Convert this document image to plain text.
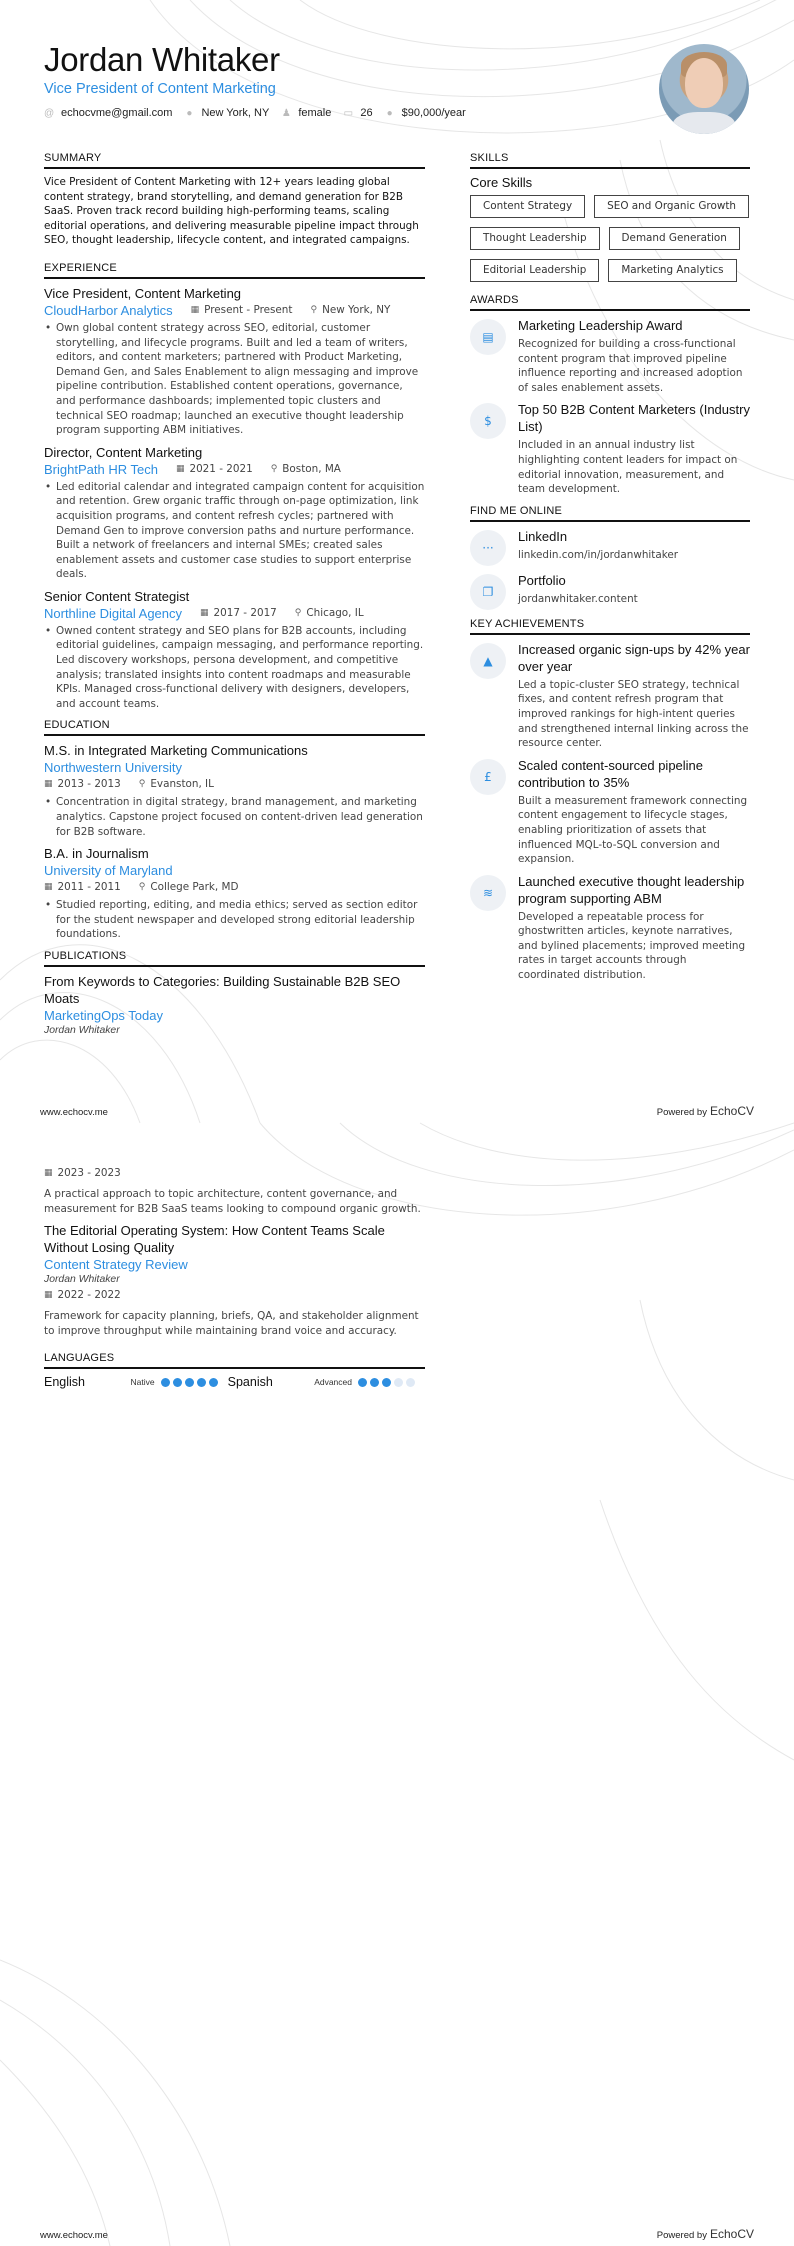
Jordan Whitaker
Vice President of Content Marketing
@ echocvme@gmail.com ● New York, NY ♟ female ▭ 26 ● $90,000/year
SUMMARY
Vice President of Content Marketing with 12+ years leading global content strategy, brand storytelling, and demand generation for B2B SaaS. Proven track record building high-performing teams, scaling editorial operations, and delivering measurable pipeline impact through SEO, thought leadership, lifecycle content, and integrated campaigns.
EXPERIENCE
Vice President, Content Marketing
CloudHarbor Analytics ▦ Present - Present ⚲ New York, NY
• Own global content strategy across SEO, editorial, customer storytelling, and lifecycle programs. Built and led a team of writers, editors, and content marketers; partnered with Product Marketing, Demand Gen, and Sales Enablement to align messaging and improve pipeline contribution. Established content operations, governance, and performance dashboards; implemented topic clusters and technical SEO roadmap; launched an executive thought leadership program supporting ABM initiatives.
Director, Content Marketing
BrightPath HR Tech ▦ 2021 - 2021 ⚲ Boston, MA
• Led editorial calendar and integrated campaign content for acquisition and retention. Grew organic traffic through on-page optimization, link acquisition programs, and content refresh cycles; partnered with Demand Gen to improve conversion paths and nurture performance. Built a network of freelancers and internal SMEs; created sales enablement assets and customer case studies to support enterprise deals.
Senior Content Strategist
Northline Digital Agency ▦ 2017 - 2017 ⚲ Chicago, IL
• Owned content strategy and SEO plans for B2B accounts, including editorial guidelines, campaign messaging, and performance reporting. Led discovery workshops, persona development, and competitive analysis; translated insights into content roadmaps and measurable KPIs. Managed cross-functional delivery with designers, developers, and account teams.
EDUCATION
M.S. in Integrated Marketing Communications
Northwestern University
▦ 2013 - 2013 ⚲ Evanston, IL
• Concentration in digital strategy, brand management, and marketing analytics. Capstone project focused on content-driven lead generation for B2B software.
B.A. in Journalism
University of Maryland
▦ 2011 - 2011 ⚲ College Park, MD
• Studied reporting, editing, and media ethics; served as section editor for the student newspaper and developed strong editorial leadership foundations.
PUBLICATIONS
From Keywords to Categories: Building Sustainable B2B SEO Moats
MarketingOps Today
Jordan Whitaker
SKILLS
Core Skills
Content Strategy	SEO and Organic Growth
Thought Leadership	Demand Generation
Editorial Leadership	Marketing Analytics
AWARDS
▤
Marketing Leadership Award
Recognized for building a cross-functional content program that improved pipeline influence reporting and increased adoption of sales enablement assets.
$
Top 50 B2B Content Marketers (Industry List)
Included in an annual industry list highlighting content leaders for impact on editorial innovation, measurement, and team development.
FIND ME ONLINE
···
LinkedIn
linkedin.com/in/jordanwhitaker
❐
Portfolio
jordanwhitaker.content
KEY ACHIEVEMENTS
▲
Increased organic sign-ups by 42% year over year
Led a topic-cluster SEO strategy, technical fixes, and content refresh program that improved rankings for high-intent queries and strengthened internal linking across the resource center.
£
Scaled content-sourced pipeline contribution to 35%
Built a measurement framework connecting content engagement to lifecycle stages, enabling prioritization of assets that influenced MQL-to-SQL conversion and expansion.
≋
Launched executive thought leadership program supporting ABM
Developed a repeatable process for ghostwritten articles, keynote narratives, and bylined placements; improved meeting rates in target accounts through coordinated distribution.
www.echocv.me	Powered by EchoCV
▦ 2023 - 2023
A practical approach to topic architecture, content governance, and measurement for B2B SaaS teams looking to compound organic growth.
The Editorial Operating System: How Content Teams Scale Without Losing Quality
Content Strategy Review
Jordan Whitaker
▦ 2022 - 2022
Framework for capacity planning, briefs, QA, and stakeholder alignment to improve throughput while maintaining brand voice and accuracy.
LANGUAGES
English	Native	Spanish	Advanced
www.echocv.me	Powered by EchoCV
